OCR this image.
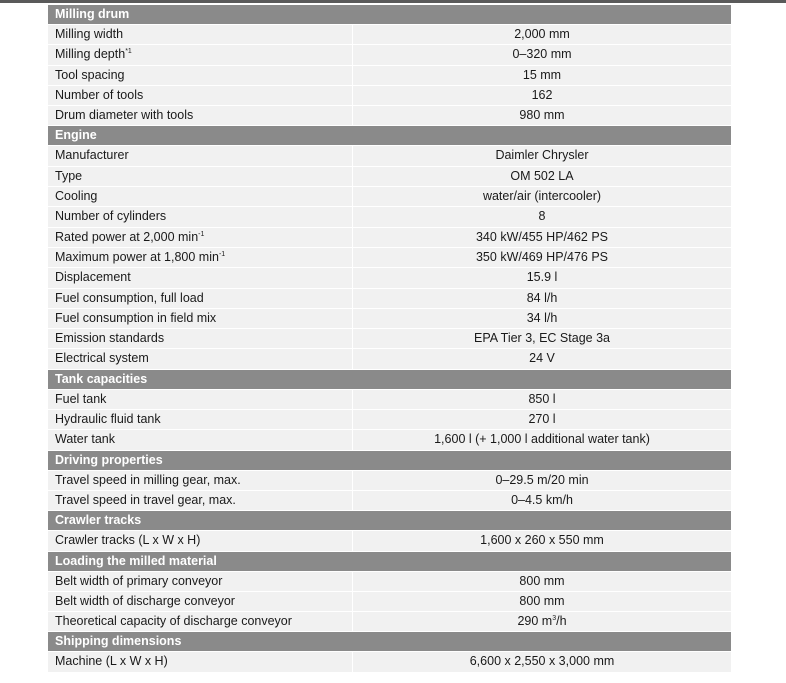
Milling drum
Milling width	2,000 mm
Milling depth$^{*1}$	0–320 mm
Tool spacing	15 mm
Number of tools	162
Drum diameter with tools	980 mm
Engine
Manufacturer	Daimler Chrysler
Type	OM 502 LA
Cooling	water/air (intercooler)
Number of cylinders	8
Rated power at 2,000 $\min^{-1}$	340 kW/455 HP/462 PS
Maximum power at 1,800 $\min^{-1}$	350 kW/469 HP/476 PS
Displacement	15.9 l
Fuel consumption, full load	84 l/h
Fuel consumption in field mix	34 l/h
Emission standards	EPA Tier 3, EC Stage 3a
Electrical system	24 V
Tank capacities
Fuel tank	850 l
Hydraulic fluid tank	270 l
Water tank	1,600 l (+ 1,000 l additional water tank)
Driving properties
Travel speed in milling gear, max.	0–29.5 m/20 min
Travel speed in travel gear, max.	0–4.5 km/h
Crawler tracks
Crawler tracks (L x W x H)	1,600 x 260 x 550 mm
Loading the milled material
Belt width of primary conveyor	800 mm
Belt width of discharge conveyor	800 mm
Theoretical capacity of discharge conveyor	290 $m^3/h$
Shipping dimensions
Machine (L x W x H)	6,600 x 2,550 x 3,000 mm
